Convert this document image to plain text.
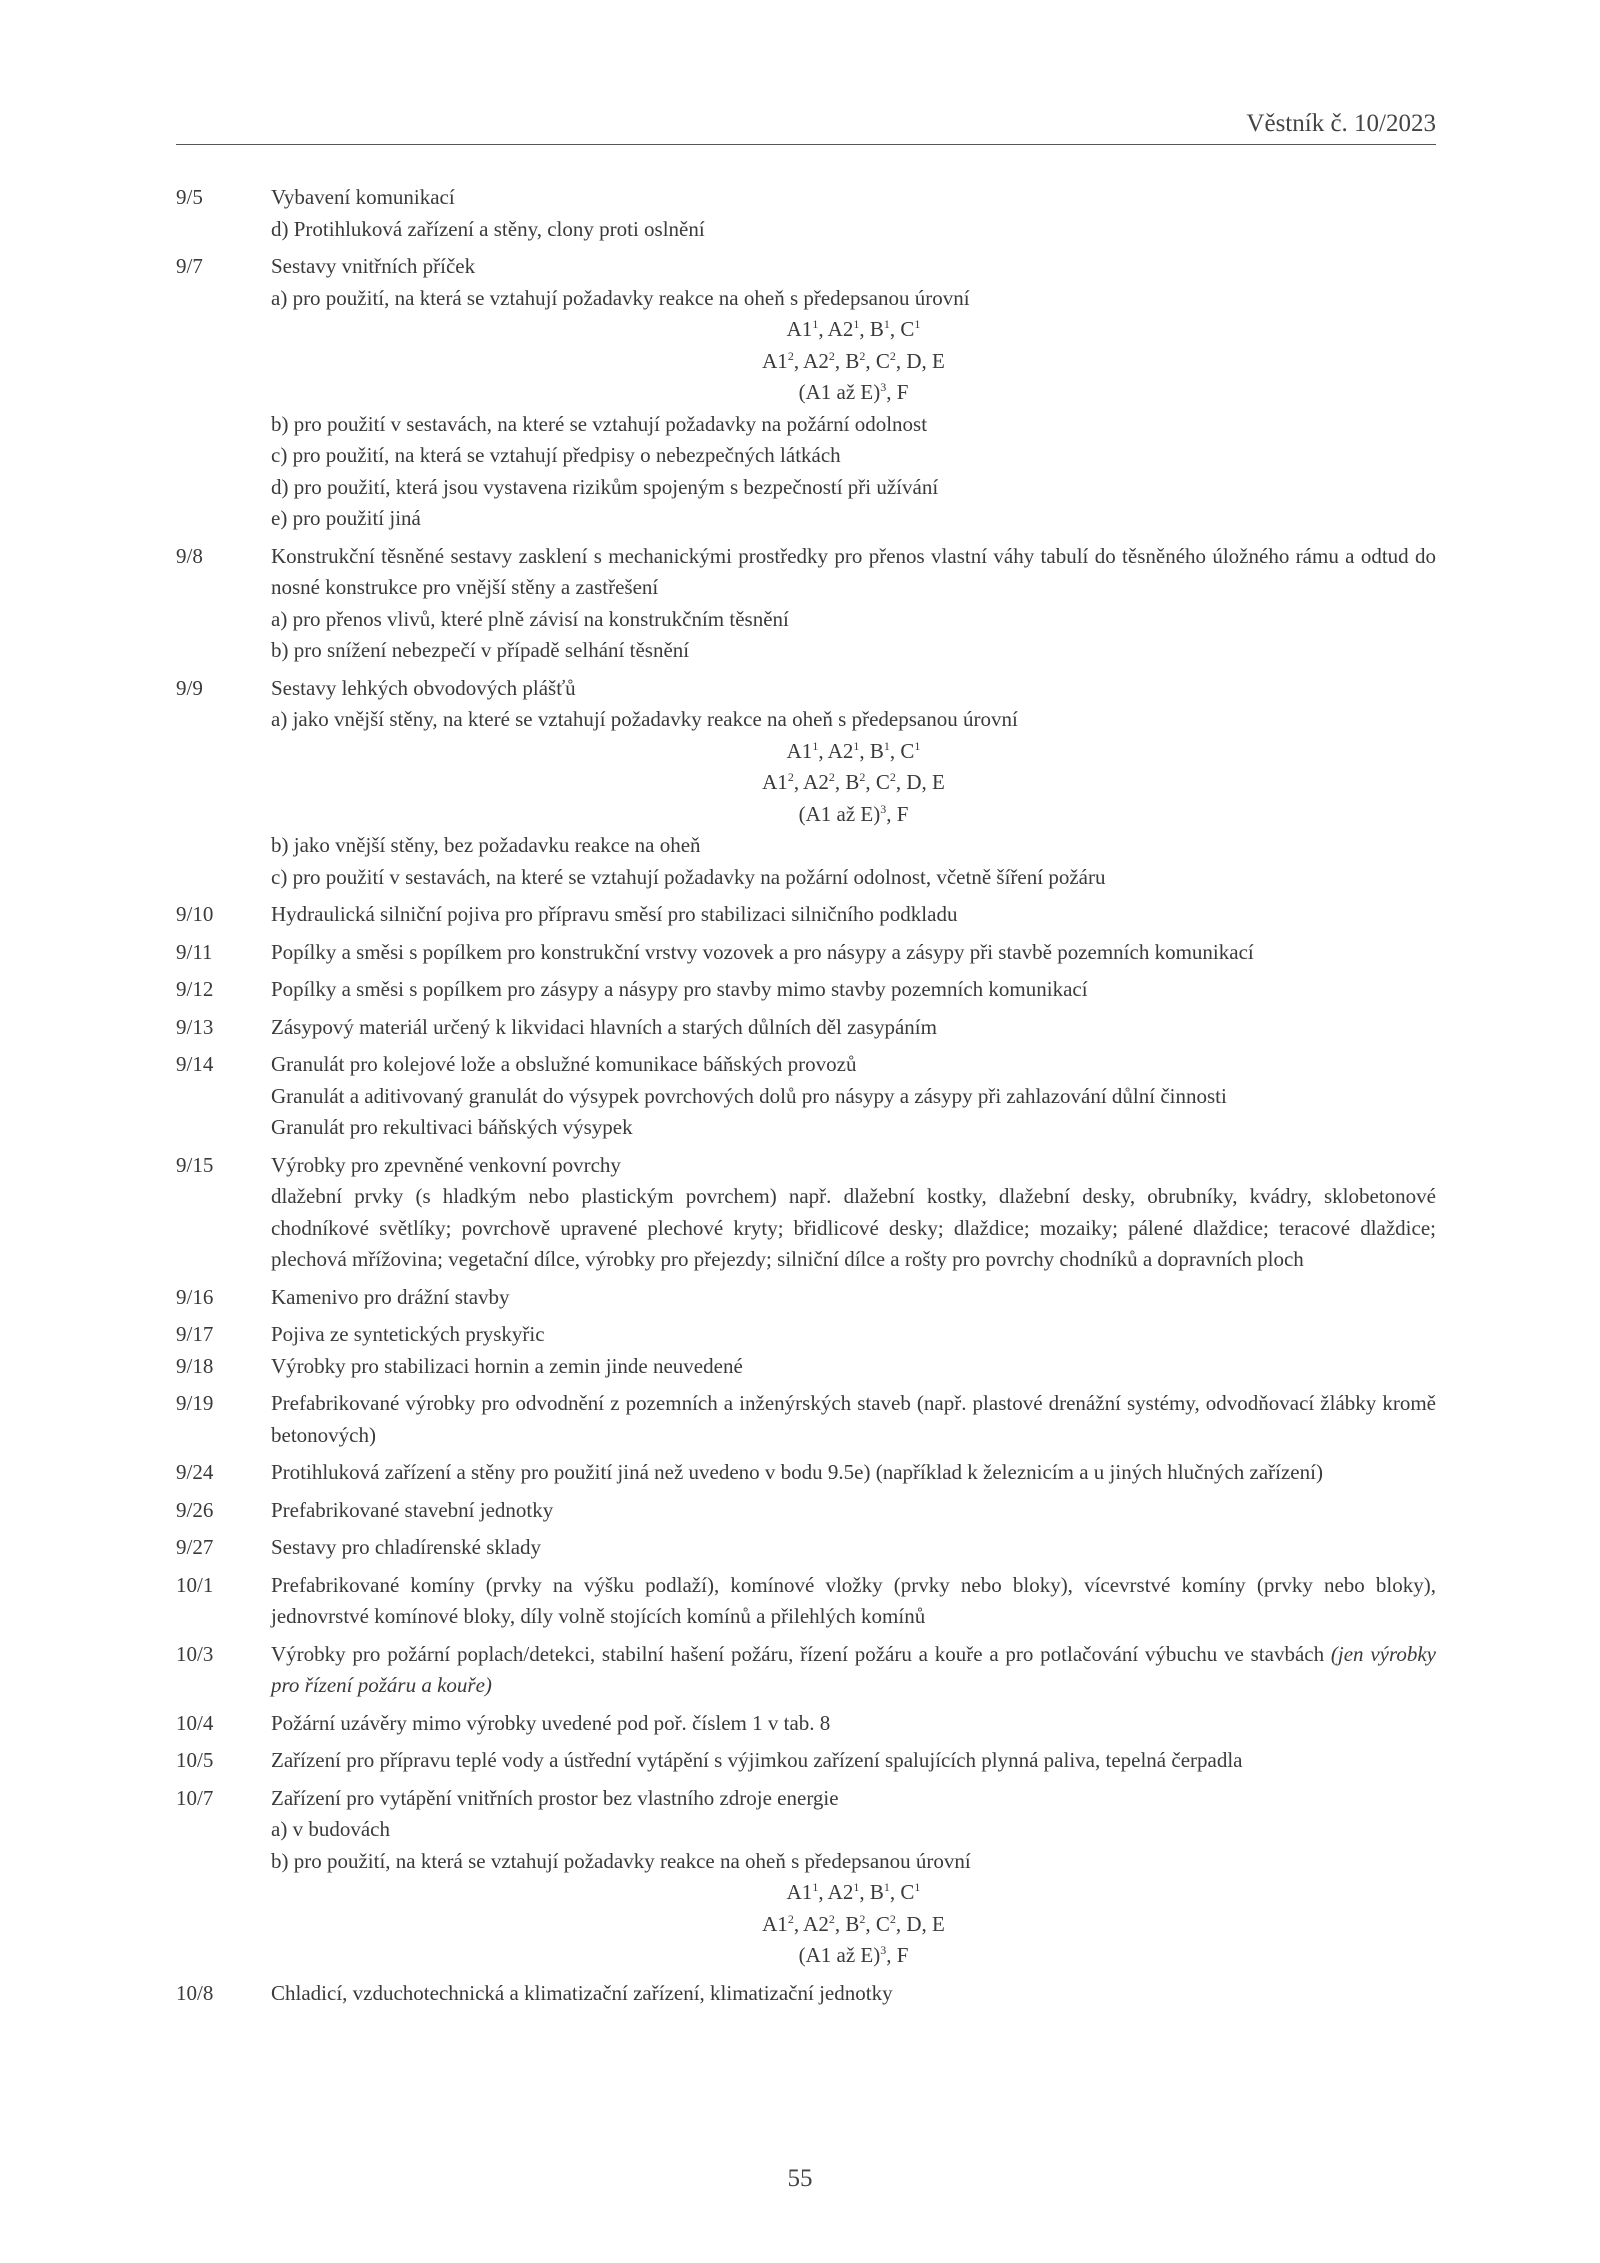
Věstník č. 10/2023
9/5	Vybavení komunikací
d) Protihluková zařízení a stěny, clony proti oslnění
9/7	Sestavy vnitřních příček
a) pro použití, na která se vztahují požadavky reakce na oheň s předepsanou úrovní
$A1^1$, $A2^1$, $B^1$, $C^1$
$A1^2$, $A2^2$, $B^2$, $C^2$, D, E
(A1 až E)$^3$, F
b) pro použití v sestavách, na které se vztahují požadavky na požární odolnost
c) pro použití, na která se vztahují předpisy o nebezpečných látkách
d) pro použití, která jsou vystavena rizikům spojeným s bezpečností při užívání
e) pro použití jiná
9/8	Konstrukční těsněné sestavy zasklení s mechanickými prostředky pro přenos vlastní váhy tabulí do těsněného úložného rámu a odtud do nosné konstrukce pro vnější stěny a zastřešení
a) pro přenos vlivů, které plně závisí na konstrukčním těsnění
b) pro snížení nebezpečí v případě selhání těsnění
9/9	Sestavy lehkých obvodových plášťů
a) jako vnější stěny, na které se vztahují požadavky reakce na oheň s předepsanou úrovní
$A1^1$, $A2^1$, $B^1$, $C^1$
$A1^2$, $A2^2$, $B^2$, $C^2$, D, E
(A1 až E)$^3$, F
b) jako vnější stěny, bez požadavku reakce na oheň
c) pro použití v sestavách, na které se vztahují požadavky na požární odolnost, včetně šíření požáru
9/10	Hydraulická silniční pojiva pro přípravu směsí pro stabilizaci silničního podkladu
9/11	Popílky a směsi s popílkem pro konstrukční vrstvy vozovek a pro násypy a zásypy při stavbě pozemních komunikací
9/12	Popílky a směsi s popílkem pro zásypy a násypy pro stavby mimo stavby pozemních komunikací
9/13	Zásypový materiál určený k likvidaci hlavních a starých důlních děl zasypáním
9/14	Granulát pro kolejové lože a obslužné komunikace báňských provozů
Granulát a aditivovaný granulát do výsypek povrchových dolů pro násypy a zásypy při zahlazování důlní činnosti
Granulát pro rekultivaci báňských výsypek
9/15	Výrobky pro zpevněné venkovní povrchy
dlažební prvky (s hladkým nebo plastickým povrchem) např. dlažební kostky, dlažební desky, obrubníky, kvádry, sklobetonové chodníkové světlíky; povrchově upravené plechové kryty; břidlicové desky; dlaždice; mozaiky; pálené dlaždice; teracové dlaždice; plechová mřížovina; vegetační dílce, výrobky pro přejezdy; silniční dílce a rošty pro povrchy chodníků a dopravních ploch
9/16	Kamenivo pro drážní stavby
9/17	Pojiva ze syntetických pryskyřic
9/18	Výrobky pro stabilizaci hornin a zemin jinde neuvedené
9/19	Prefabrikované výrobky pro odvodnění z pozemních a inženýrských staveb (např. plastové drenážní systémy, odvodňovací žlábky kromě betonových)
9/24	Protihluková zařízení a stěny pro použití jiná než uvedeno v bodu 9.5e) (například k železnicím a u jiných hlučných zařízení)
9/26	Prefabrikované stavební jednotky
9/27	Sestavy pro chladírenské sklady
10/1	Prefabrikované komíny (prvky na výšku podlaží), komínové vložky (prvky nebo bloky), vícevrstvé komíny (prvky nebo bloky), jednovrstvé komínové bloky, díly volně stojících komínů a přilehlých komínů
10/3	Výrobky pro požární poplach/detekci, stabilní hašení požáru, řízení požáru a kouře a pro potlačování výbuchu ve stavbách (jen výrobky pro řízení požáru a kouře)
10/4	Požární uzávěry mimo výrobky uvedené pod poř. číslem 1 v tab. 8
10/5	Zařízení pro přípravu teplé vody a ústřední vytápění s výjimkou zařízení spalujících plynná paliva, tepelná čerpadla
10/7	Zařízení pro vytápění vnitřních prostor bez vlastního zdroje energie
a) v budovách
b) pro použití, na která se vztahují požadavky reakce na oheň s předepsanou úrovní
$A1^1$, $A2^1$, $B^1$, $C^1$
$A1^2$, $A2^2$, $B^2$, $C^2$, D, E
(A1 až E)$^3$, F
10/8	Chladicí, vzduchotechnická a klimatizační zařízení, klimatizační jednotky
55
